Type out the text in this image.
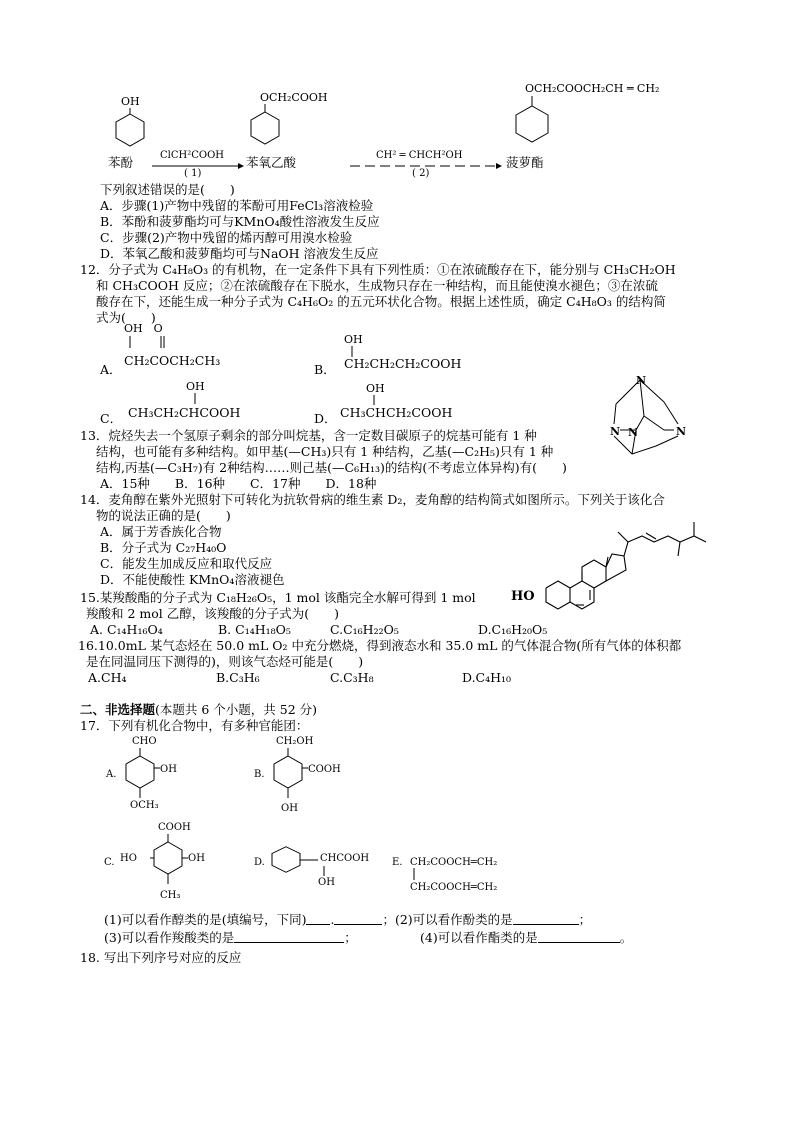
OH
苯酚	ClCH²COOH
( 1)
OCH₂COOH
苯氧乙酸	CH² ═ CHCH²OH
( 2)
OCH₂COOCH₂CH ═ CH₂
菠萝酯
下列叙述错误的是(　　)
A．步骤(1)产物中残留的苯酚可用FeCl₃溶液检验
B．苯酚和菠萝酯均可与KMnO₄酸性溶液发生反应
C．步骤(2)产物中残留的烯丙醇可用溴水检验
D．苯氧乙酸和菠萝酯均可与NaOH 溶液发生反应
12．分子式为 C₄H₈O₃ 的有机物，在一定条件下具有下列性质：①在浓硫酸存在下，能分别与 CH₃CH₂OH
和 CH₃COOH 反应；②在浓硫酸存在下脱水，生成物只存在一种结构，而且能使溴水褪色；③在浓硫
酸存在下，还能生成一种分子式为 C₄H₆O₂ 的五元环状化合物。根据上述性质，确定 C₄H₈O₃ 的结构简
式为(　　)
OH　O
A．
CH₂COCH₂CH₃
OH
B． CH₂CH₂CH₂COOH
OH
C． CH₃CH₂CHCOOH
OH
D． CH₃CHCH₂COOH
N
N	N
N
13．烷烃失去一个氢原子剩余的部分叫烷基，含一定数目碳原子的烷基可能有 1 种
结构，也可能有多种结构。如甲基(—CH₃)只有 1 种结构，乙基(—C₂H₅)只有 1 种
结构,丙基(—C₃H₇)有 2种结构……则己基(—C₆H₁₃)的结构(不考虑立体异构)有(　　)
A．15种　　B．16种　　C．17种　　D．18种
14．麦角醇在紫外光照射下可转化为抗软骨病的维生素 D₂，麦角醇的结构简式如图所示。下列关于该化合
物的说法正确的是(　　)
A．属于芳香族化合物
B．分子式为 C₂₇H₄₀O
C．能发生加成反应和取代反应
D．不能使酸性 KMnO₄溶液褪色
HO
15.某羧酸酯的分子式为 C₁₈H₂₆O₅，1 mol 该酯完全水解可得到 1 mol
羧酸和 2 mol 乙醇，该羧酸的分子式为(　　)
A. C₁₄H₁₆O₄	B. C₁₄H₁₈O₅	C.C₁₆H₂₂O₅	D.C₁₆H₂₀O₅
16.10.0mL 某气态烃在 50.0 mL O₂ 中充分燃烧，得到液态水和 35.0 mL 的气体混合物(所有气体的体积都
是在同温同压下测得的)，则该气态烃可能是(　　)
A.CH₄	B.C₃H₆	C.C₃H₈	D.C₄H₁₀
二、非选择题(本题共 6 个小题，共 52 分)
17．下列有机化合物中，有多种官能团：
CHO
A.	OH
OCH₃
CH₂OH
B.	COOH
OH
COOH
C. HO	OH
CH₃
D.	CHCOOH
OH
E. CH₂COOCH═CH₂
CH₂COOCH═CH₂
(1)可以看作醇类的是(填编号，下同) .	；(2)可以看作酚类的是	；
(3)可以看作羧酸类的是	；	(4)可以看作酯类的是	。
18. 写出下列序号对应的反应
